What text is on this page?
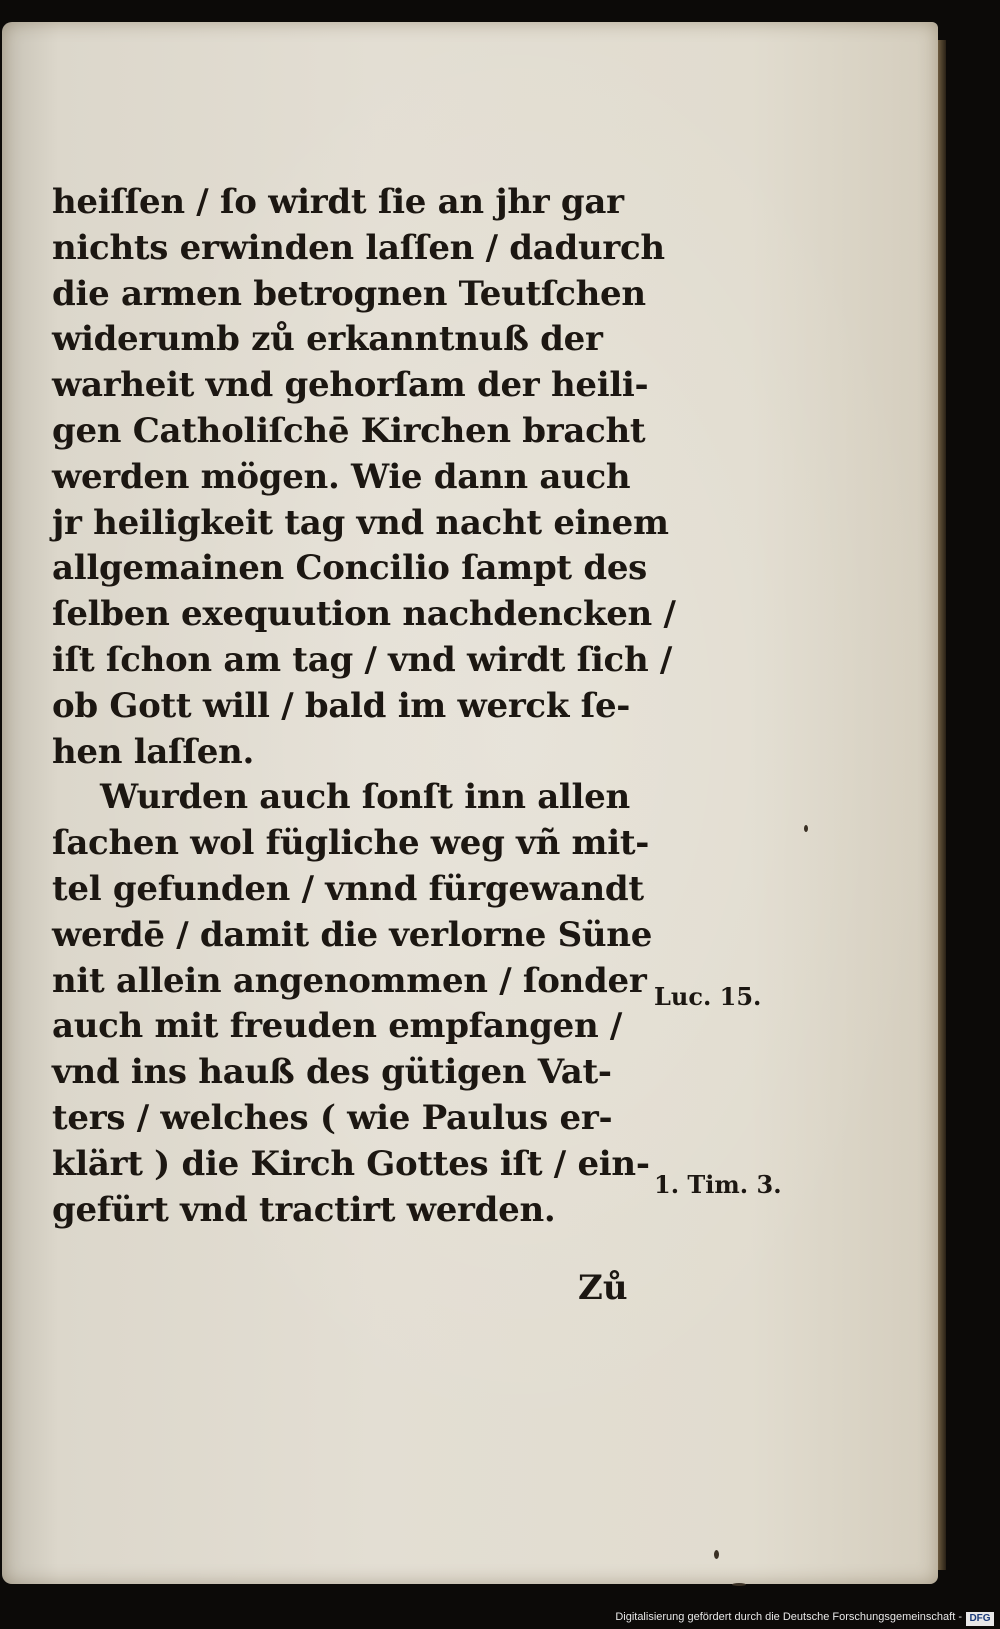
heiſſen / ſo wirdt ſie an jhr gar
nichts erwinden laſſen / dadurch
die armen betrognen Teutſchen
widerumb zů erkanntnuß der
warheit vnd gehorſam der heili-
gen Catholiſchē Kirchen bracht
werden mögen. Wie dann auch
jr heiligkeit tag vnd nacht einem
allgemainen Concilio ſampt des
ſelben exequution nachdencken /
iſt ſchon am tag / vnd wirdt ſich /
ob Gott will / bald im werck ſe-
hen laſſen.
Wurden auch ſonſt inn allen
ſachen wol fügliche weg vñ mit-
tel gefunden / vnnd fürgewandt
werdē / damit die verlorne Süne
nit allein angenommen / ſonder
auch mit freuden empfangen /
vnd ins hauß des gütigen Vat-
ters / welches ( wie Paulus er-
klärt ) die Kirch Gottes iſt / ein-
gefürt vnd tractirt werden.
Luc. 15.
1. Tim. 3.
Zů
Digitalisierung gefördert durch die Deutsche Forschungsgemeinschaft - DFG
